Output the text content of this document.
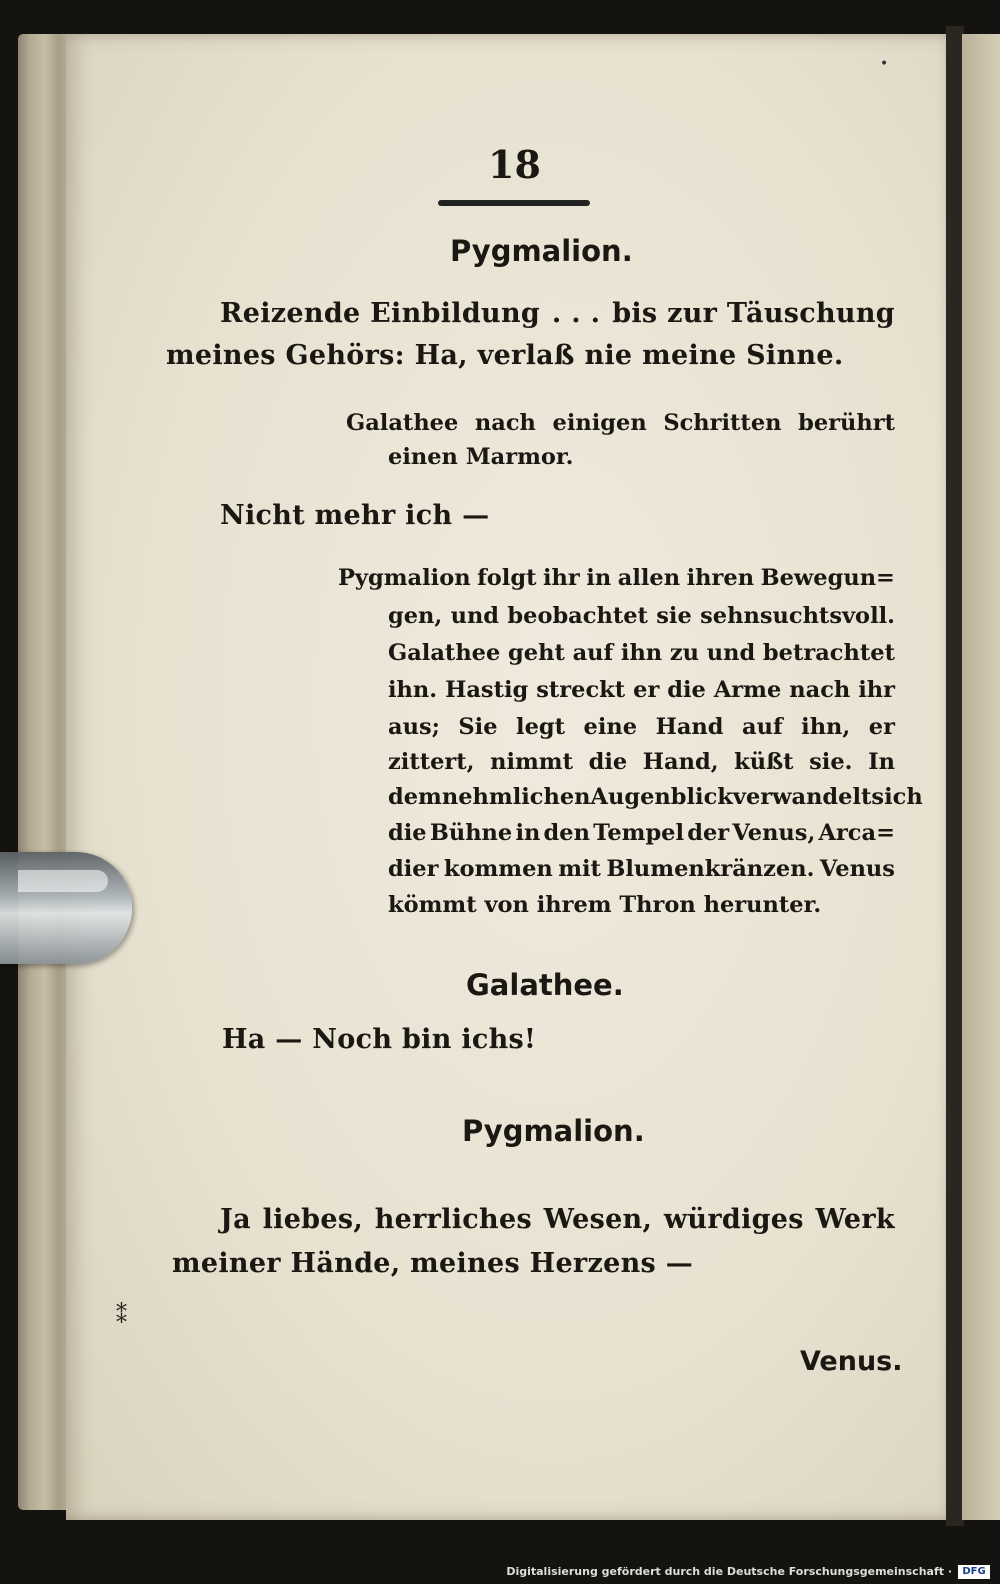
•
18
Pygmalion.
Reizende Einbildung . . . bis zur Täuschung
meines Gehörs: Ha, verlaß nie meine Sinne.
Galathee nach einigen Schritten berührt
einen Marmor.
Nicht mehr ich —
Pygmalion folgt ihr in allen ihren Bewegun=
gen, und beobachtet sie sehnsuchtsvoll.
Galathee geht auf ihn zu und betrachtet
ihn. Hastig streckt er die Arme nach ihr
aus; Sie legt eine Hand auf ihn, er
zittert, nimmt die Hand, küßt sie. In
dem nehmlichen Augenblick verwandelt sich
die Bühne in den Tempel der Venus, Arca=
dier kommen mit Blumenkränzen. Venus
kömmt von ihrem Thron herunter.
Galathee.
Ha — Noch bin ichs!
Pygmalion.
Ja liebes, herrliches Wesen, würdiges Werk
meiner Hände, meines Herzens —
Venus.
⁑
Digitalisierung gefördert durch die Deutsche Forschungsgemeinschaft ·	DFG
